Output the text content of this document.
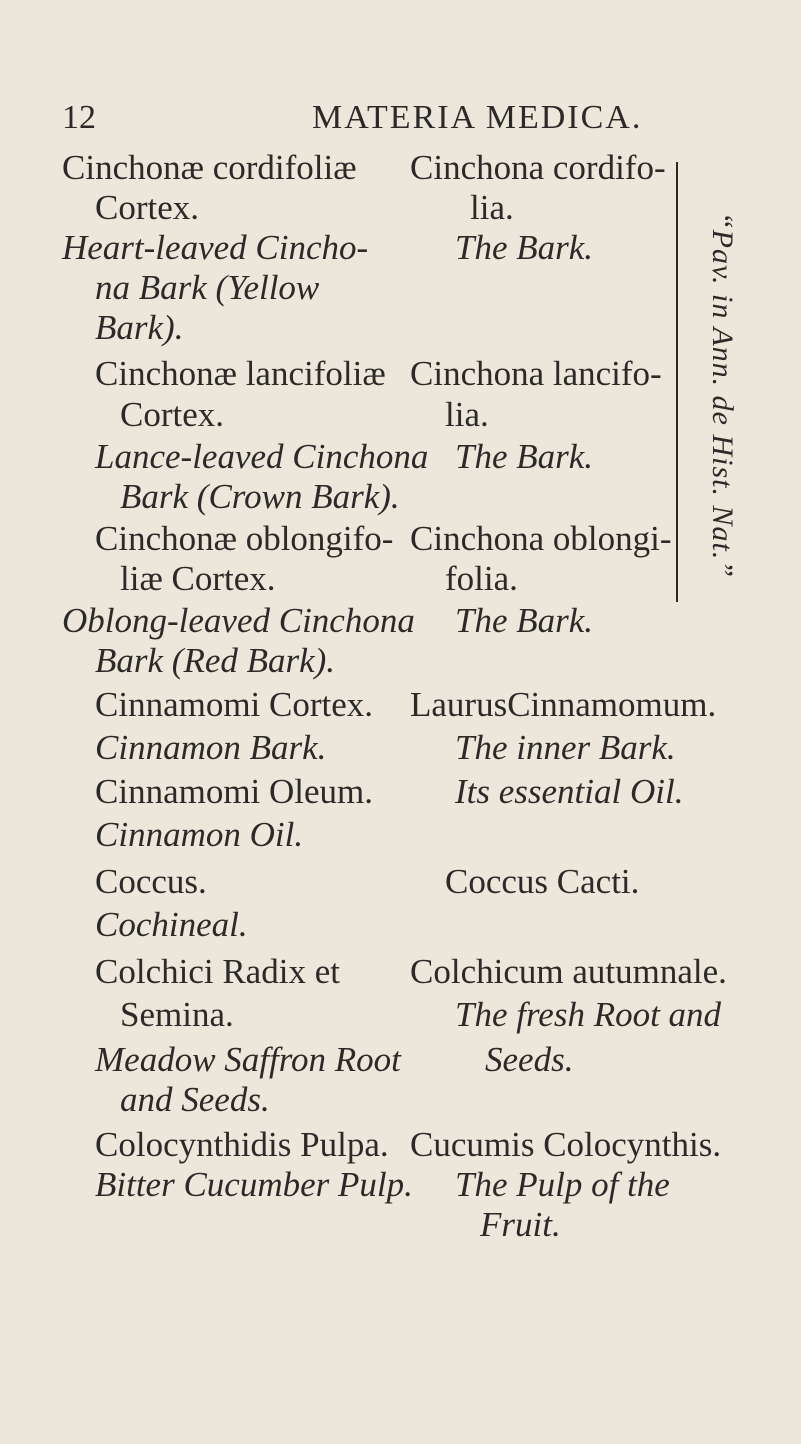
12	MATERIA MEDICA.
Cinchonæ cordifoliæ
Cortex.
Heart-leaved Cincho-
na Bark (Yellow
Bark).
Cinchonæ lancifoliæ
Cortex.
Lance-leaved Cinchona
Bark (Crown Bark).
Cinchonæ oblongifo-
liæ Cortex.
Oblong-leaved Cinchona
Bark (Red Bark).
Cinnamomi Cortex.
Cinnamon Bark.
Cinnamomi Oleum.
Cinnamon Oil.
Coccus.
Cochineal.
Colchici Radix et
Semina.
Meadow Saffron Root
and Seeds.
Colocynthidis Pulpa.
Bitter Cucumber Pulp.
Cinchona cordifo-
lia.
The Bark.
Cinchona lancifo-
lia.
The Bark.
Cinchona oblongi-
folia.
The Bark.
LaurusCinnamomum.
The inner Bark.
Its essential Oil.
Coccus Cacti.
Colchicum autumnale.
The fresh Root and
Seeds.
Cucumis Colocynthis.
The Pulp of the
Fruit.
“Pav. in Ann. de Hist. Nat.”
